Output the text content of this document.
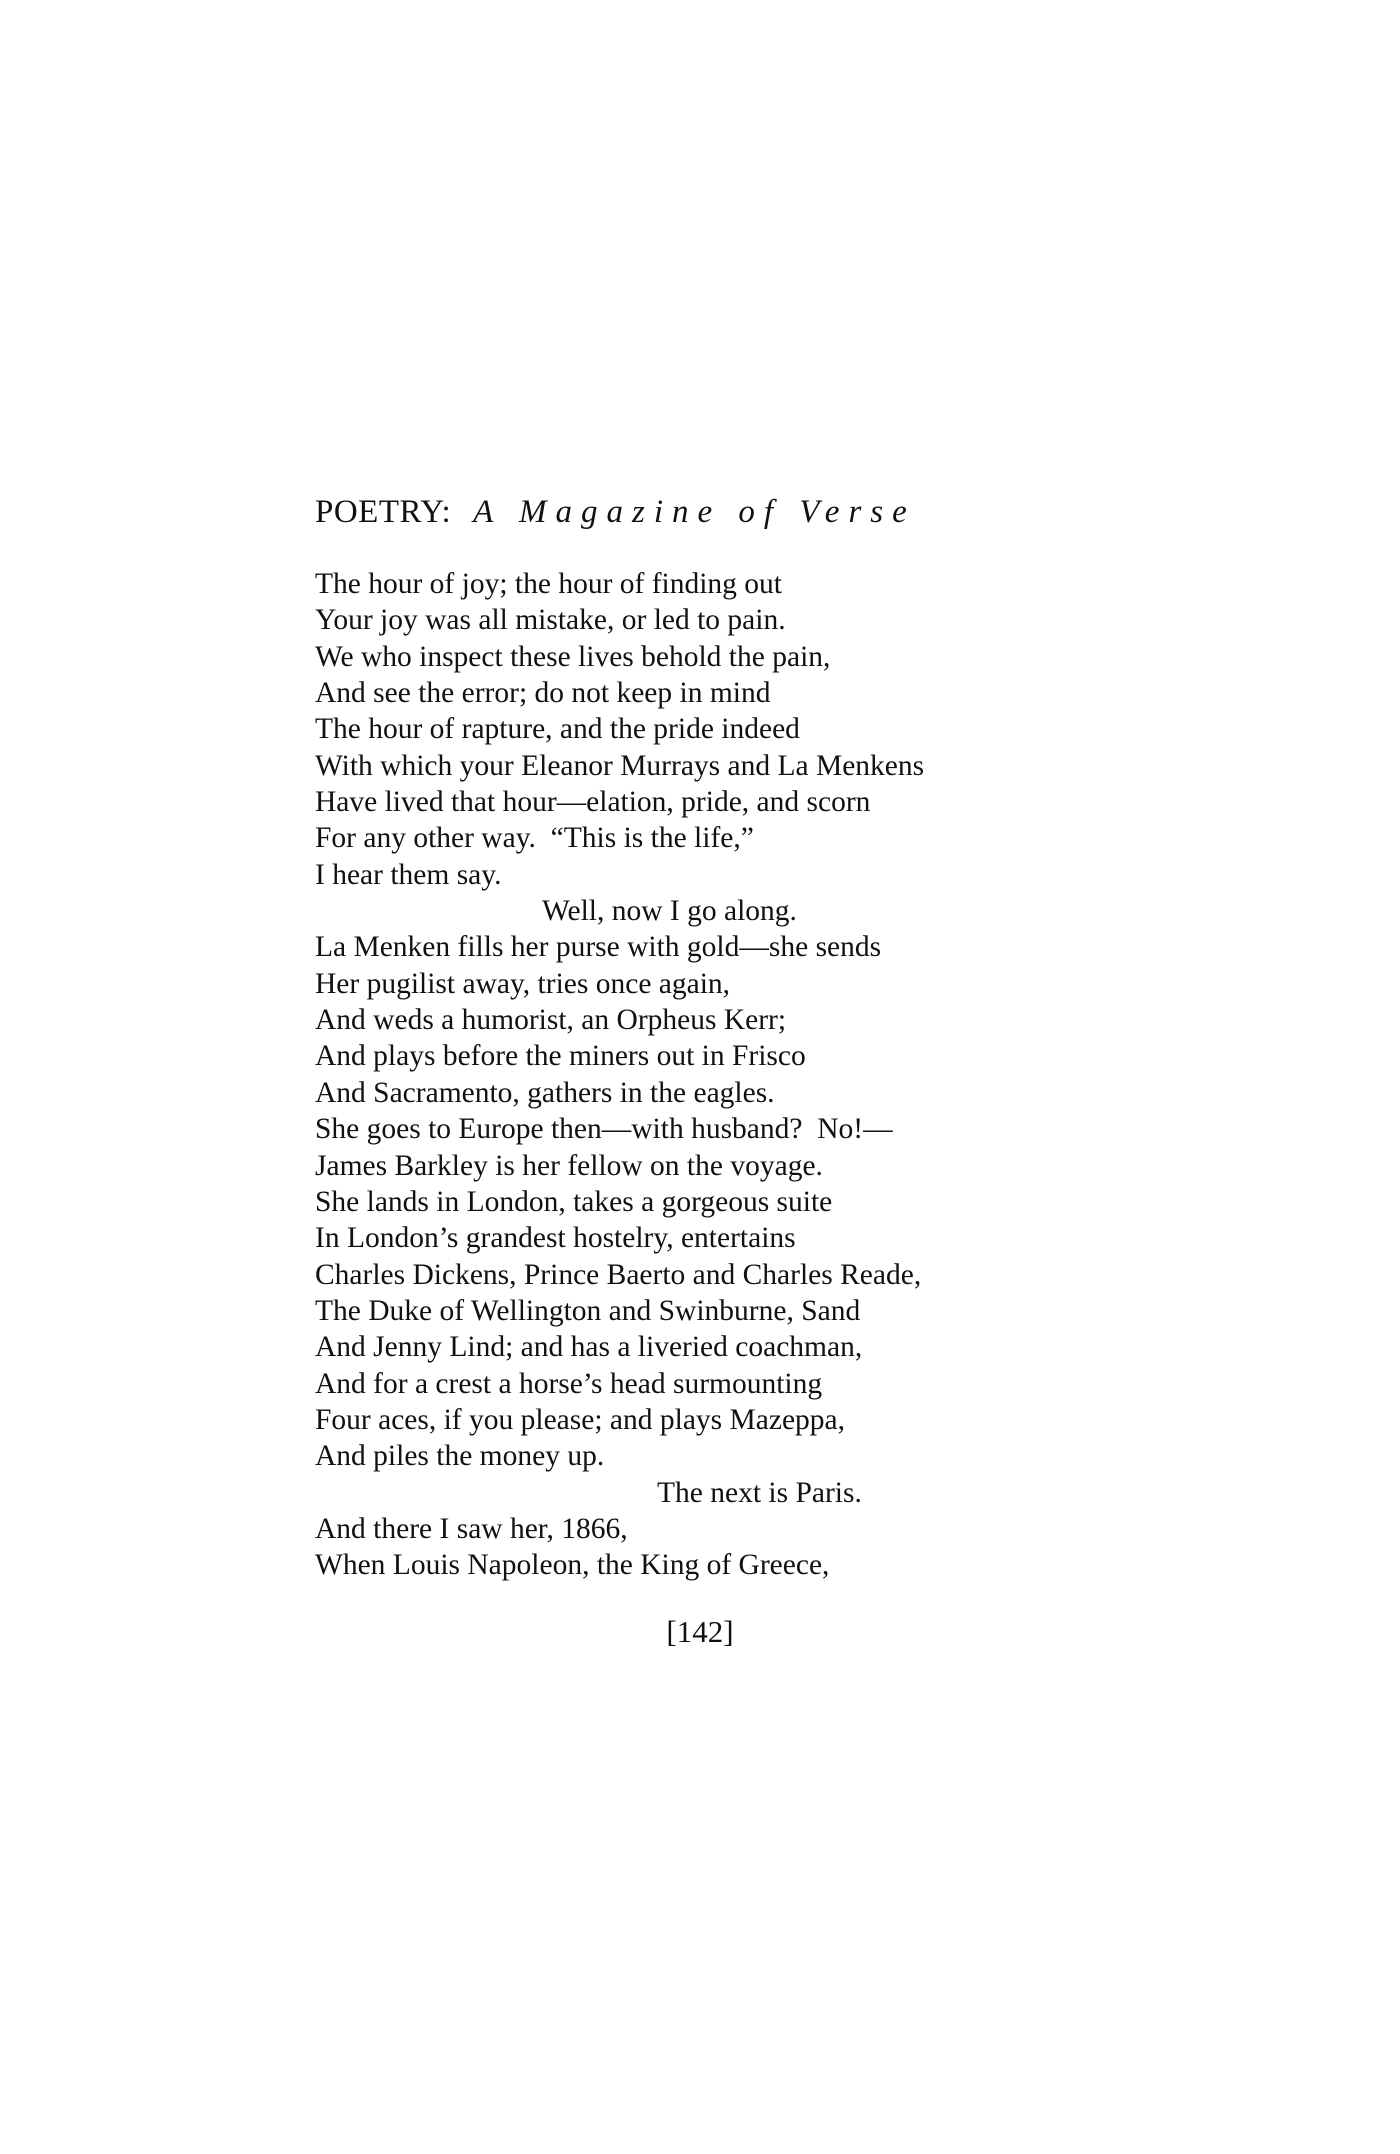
POETRY: A Magazine of Verse
The hour of joy; the hour of finding out
Your joy was all mistake, or led to pain.
We who inspect these lives behold the pain,
And see the error; do not keep in mind
The hour of rapture, and the pride indeed
With which your Eleanor Murrays and La Menkens
Have lived that hour—elation, pride, and scorn
For any other way.  “This is the life,”
I hear them say.
Well, now I go along.
La Menken fills her purse with gold—she sends
Her pugilist away, tries once again,
And weds a humorist, an Orpheus Kerr;
And plays before the miners out in Frisco
And Sacramento, gathers in the eagles.
She goes to Europe then—with husband?  No!—
James Barkley is her fellow on the voyage.
She lands in London, takes a gorgeous suite
In London’s grandest hostelry, entertains
Charles Dickens, Prince Baerto and Charles Reade,
The Duke of Wellington and Swinburne, Sand
And Jenny Lind; and has a liveried coachman,
And for a crest a horse’s head surmounting
Four aces, if you please; and plays Mazeppa,
And piles the money up.
The next is Paris.
And there I saw her, 1866,
When Louis Napoleon, the King of Greece,
[142]
